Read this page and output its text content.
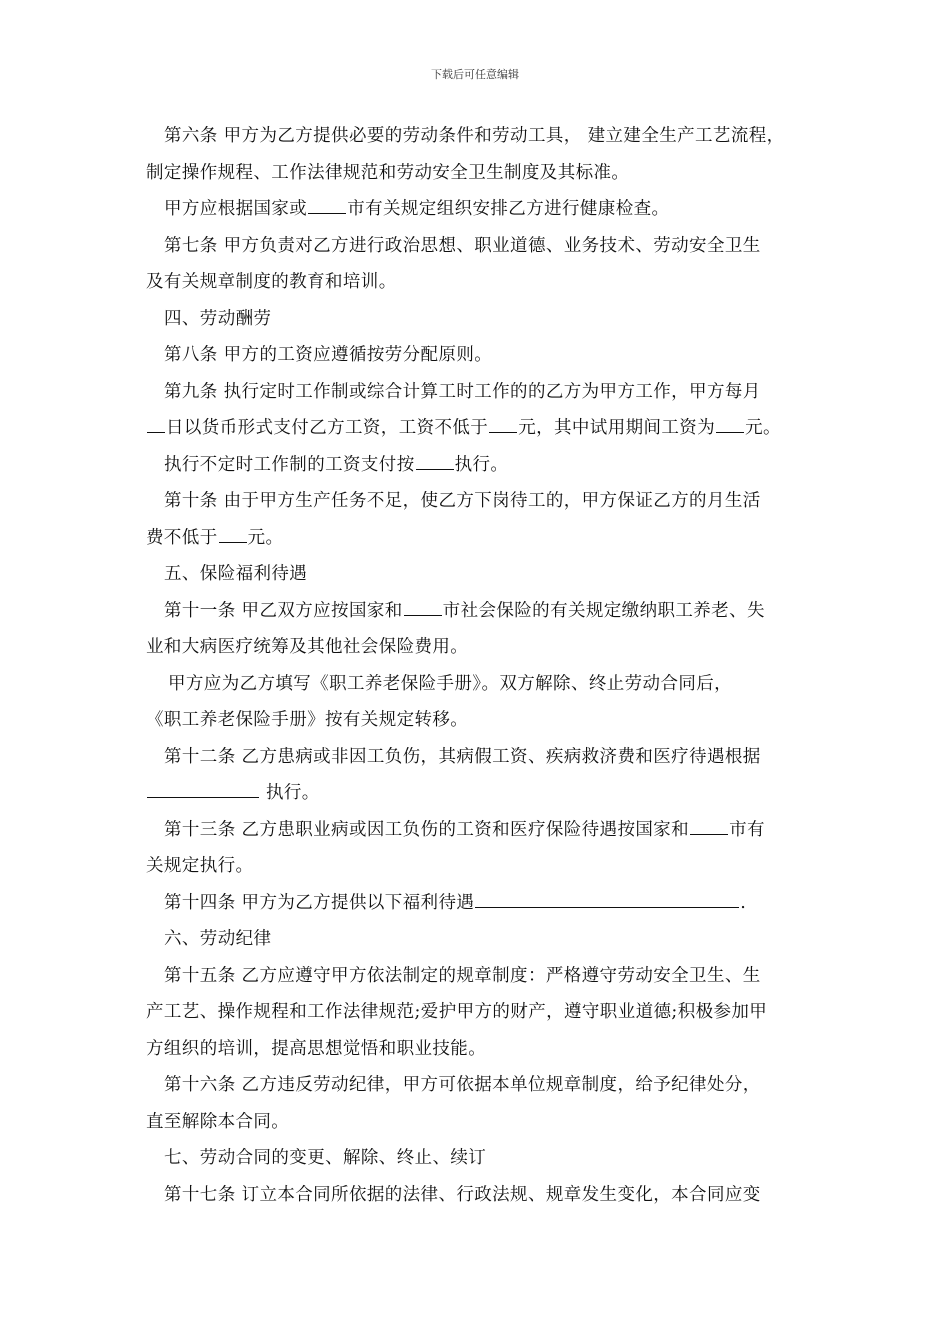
下载后可任意编辑
第六条 甲方为乙方提供必要的劳动条件和劳动工具， 建立建全生产工艺流程，
制定操作规程、工作法律规范和劳动安全卫生制度及其标准。
甲方应根据国家或 市有关规定组织安排乙方进行健康检查。
第七条 甲方负责对乙方进行政治思想、职业道德、业务技术、劳动安全卫生
及有关规章制度的教育和培训。
四、劳动酬劳
第八条 甲方的工资应遵循按劳分配原则。
第九条 执行定时工作制或综合计算工时工作的的乙方为甲方工作，甲方每月
日以货币形式支付乙方工资，工资不低于 元，其中试用期间工资为 元。
执行不定时工作制的工资支付按 执行。
第十条 由于甲方生产任务不足，使乙方下岗待工的，甲方保证乙方的月生活
费不低于 元。
五、保险福利待遇
第十一条 甲乙双方应按国家和 市社会保险的有关规定缴纳职工养老、失
业和大病医疗统筹及其他社会保险费用。
甲方应为乙方填写《职工养老保险手册》。双方解除、终止劳动合同后，
《职工养老保险手册》按有关规定转移。
第十二条 乙方患病或非因工负伤，其病假工资、疾病救济费和医疗待遇根据
执行。
第十三条 乙方患职业病或因工负伤的工资和医疗保险待遇按国家和 市有
关规定执行。
第十四条 甲方为乙方提供以下福利待遇	.
六、劳动纪律
第十五条 乙方应遵守甲方依法制定的规章制度：严格遵守劳动安全卫生、生
产工艺、操作规程和工作法律规范;爱护甲方的财产，遵守职业道德;积极参加甲
方组织的培训，提高思想觉悟和职业技能。
第十六条 乙方违反劳动纪律，甲方可依据本单位规章制度，给予纪律处分，
直至解除本合同。
七、劳动合同的变更、解除、终止、续订
第十七条 订立本合同所依据的法律、行政法规、规章发生变化，本合同应变
